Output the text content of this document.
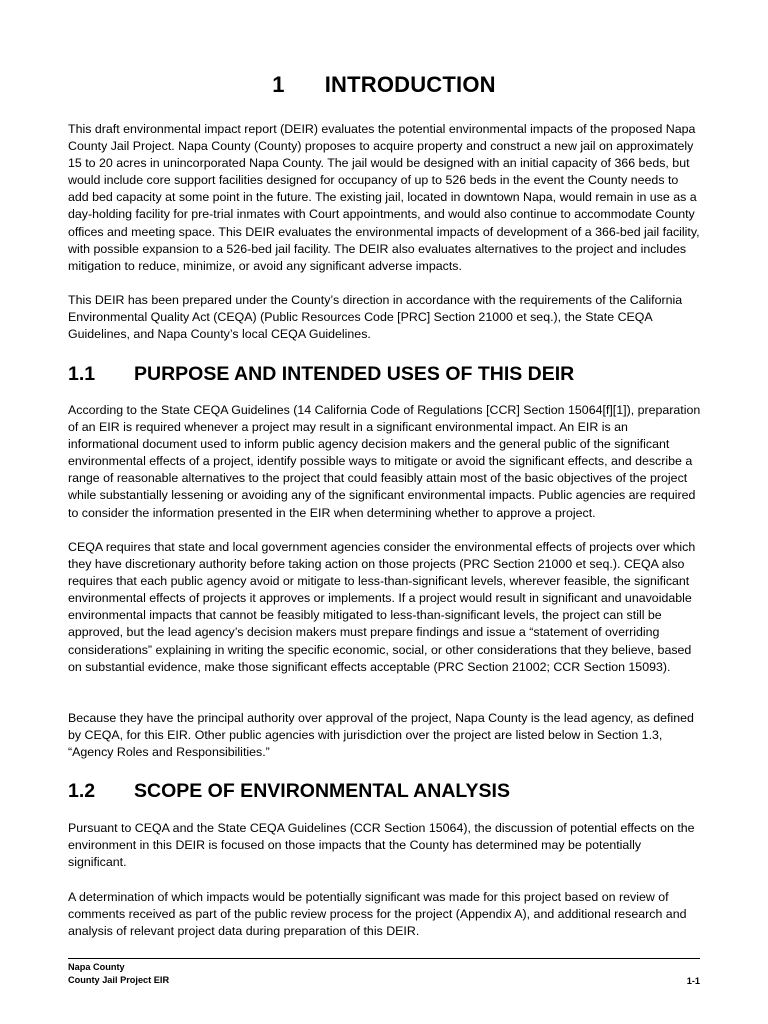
1 INTRODUCTION

This draft environmental impact report (DEIR) evaluates the potential environmental impacts of the proposed Napa County Jail Project. Napa County (County) proposes to acquire property and construct a new jail on approximately 15 to 20 acres in unincorporated Napa County. The jail would be designed with an initial capacity of 366 beds, but would include core support facilities designed for occupancy of up to 526 beds in the event the County needs to add bed capacity at some point in the future. The existing jail, located in downtown Napa, would remain in use as a day-holding facility for pre-trial inmates with Court appointments, and would also continue to accommodate County offices and meeting space. This DEIR evaluates the environmental impacts of development of a 366-bed jail facility, with possible expansion to a 526-bed jail facility. The DEIR also evaluates alternatives to the project and includes mitigation to reduce, minimize, or avoid any significant adverse impacts.

This DEIR has been prepared under the County’s direction in accordance with the requirements of the California Environmental Quality Act (CEQA) (Public Resources Code [PRC] Section 21000 et seq.), the State CEQA Guidelines, and Napa County’s local CEQA Guidelines.

1.1 PURPOSE AND INTENDED USES OF THIS DEIR

According to the State CEQA Guidelines (14 California Code of Regulations [CCR] Section 15064[f][1]), preparation of an EIR is required whenever a project may result in a significant environmental impact. An EIR is an informational document used to inform public agency decision makers and the general public of the significant environmental effects of a project, identify possible ways to mitigate or avoid the significant effects, and describe a range of reasonable alternatives to the project that could feasibly attain most of the basic objectives of the project while substantially lessening or avoiding any of the significant environmental impacts. Public agencies are required to consider the information presented in the EIR when determining whether to approve a project.

CEQA requires that state and local government agencies consider the environmental effects of projects over which they have discretionary authority before taking action on those projects (PRC Section 21000 et seq.). CEQA also requires that each public agency avoid or mitigate to less-than-significant levels, wherever feasible, the significant environmental effects of projects it approves or implements. If a project would result in significant and unavoidable environmental impacts that cannot be feasibly mitigated to less-than-significant levels, the project can still be approved, but the lead agency’s decision makers must prepare findings and issue a “statement of overriding considerations” explaining in writing the specific economic, social, or other considerations that they believe, based on substantial evidence, make those significant effects acceptable (PRC Section 21002; CCR Section 15093).

Because they have the principal authority over approval of the project, Napa County is the lead agency, as defined by CEQA, for this EIR. Other public agencies with jurisdiction over the project are listed below in Section 1.3, “Agency Roles and Responsibilities.”

1.2 SCOPE OF ENVIRONMENTAL ANALYSIS

Pursuant to CEQA and the State CEQA Guidelines (CCR Section 15064), the discussion of potential effects on the environment in this DEIR is focused on those impacts that the County has determined may be potentially significant.

A determination of which impacts would be potentially significant was made for this project based on review of comments received as part of the public review process for the project (Appendix A), and additional research and analysis of relevant project data during preparation of this DEIR.

Napa County
County Jail Project EIR	1-1
